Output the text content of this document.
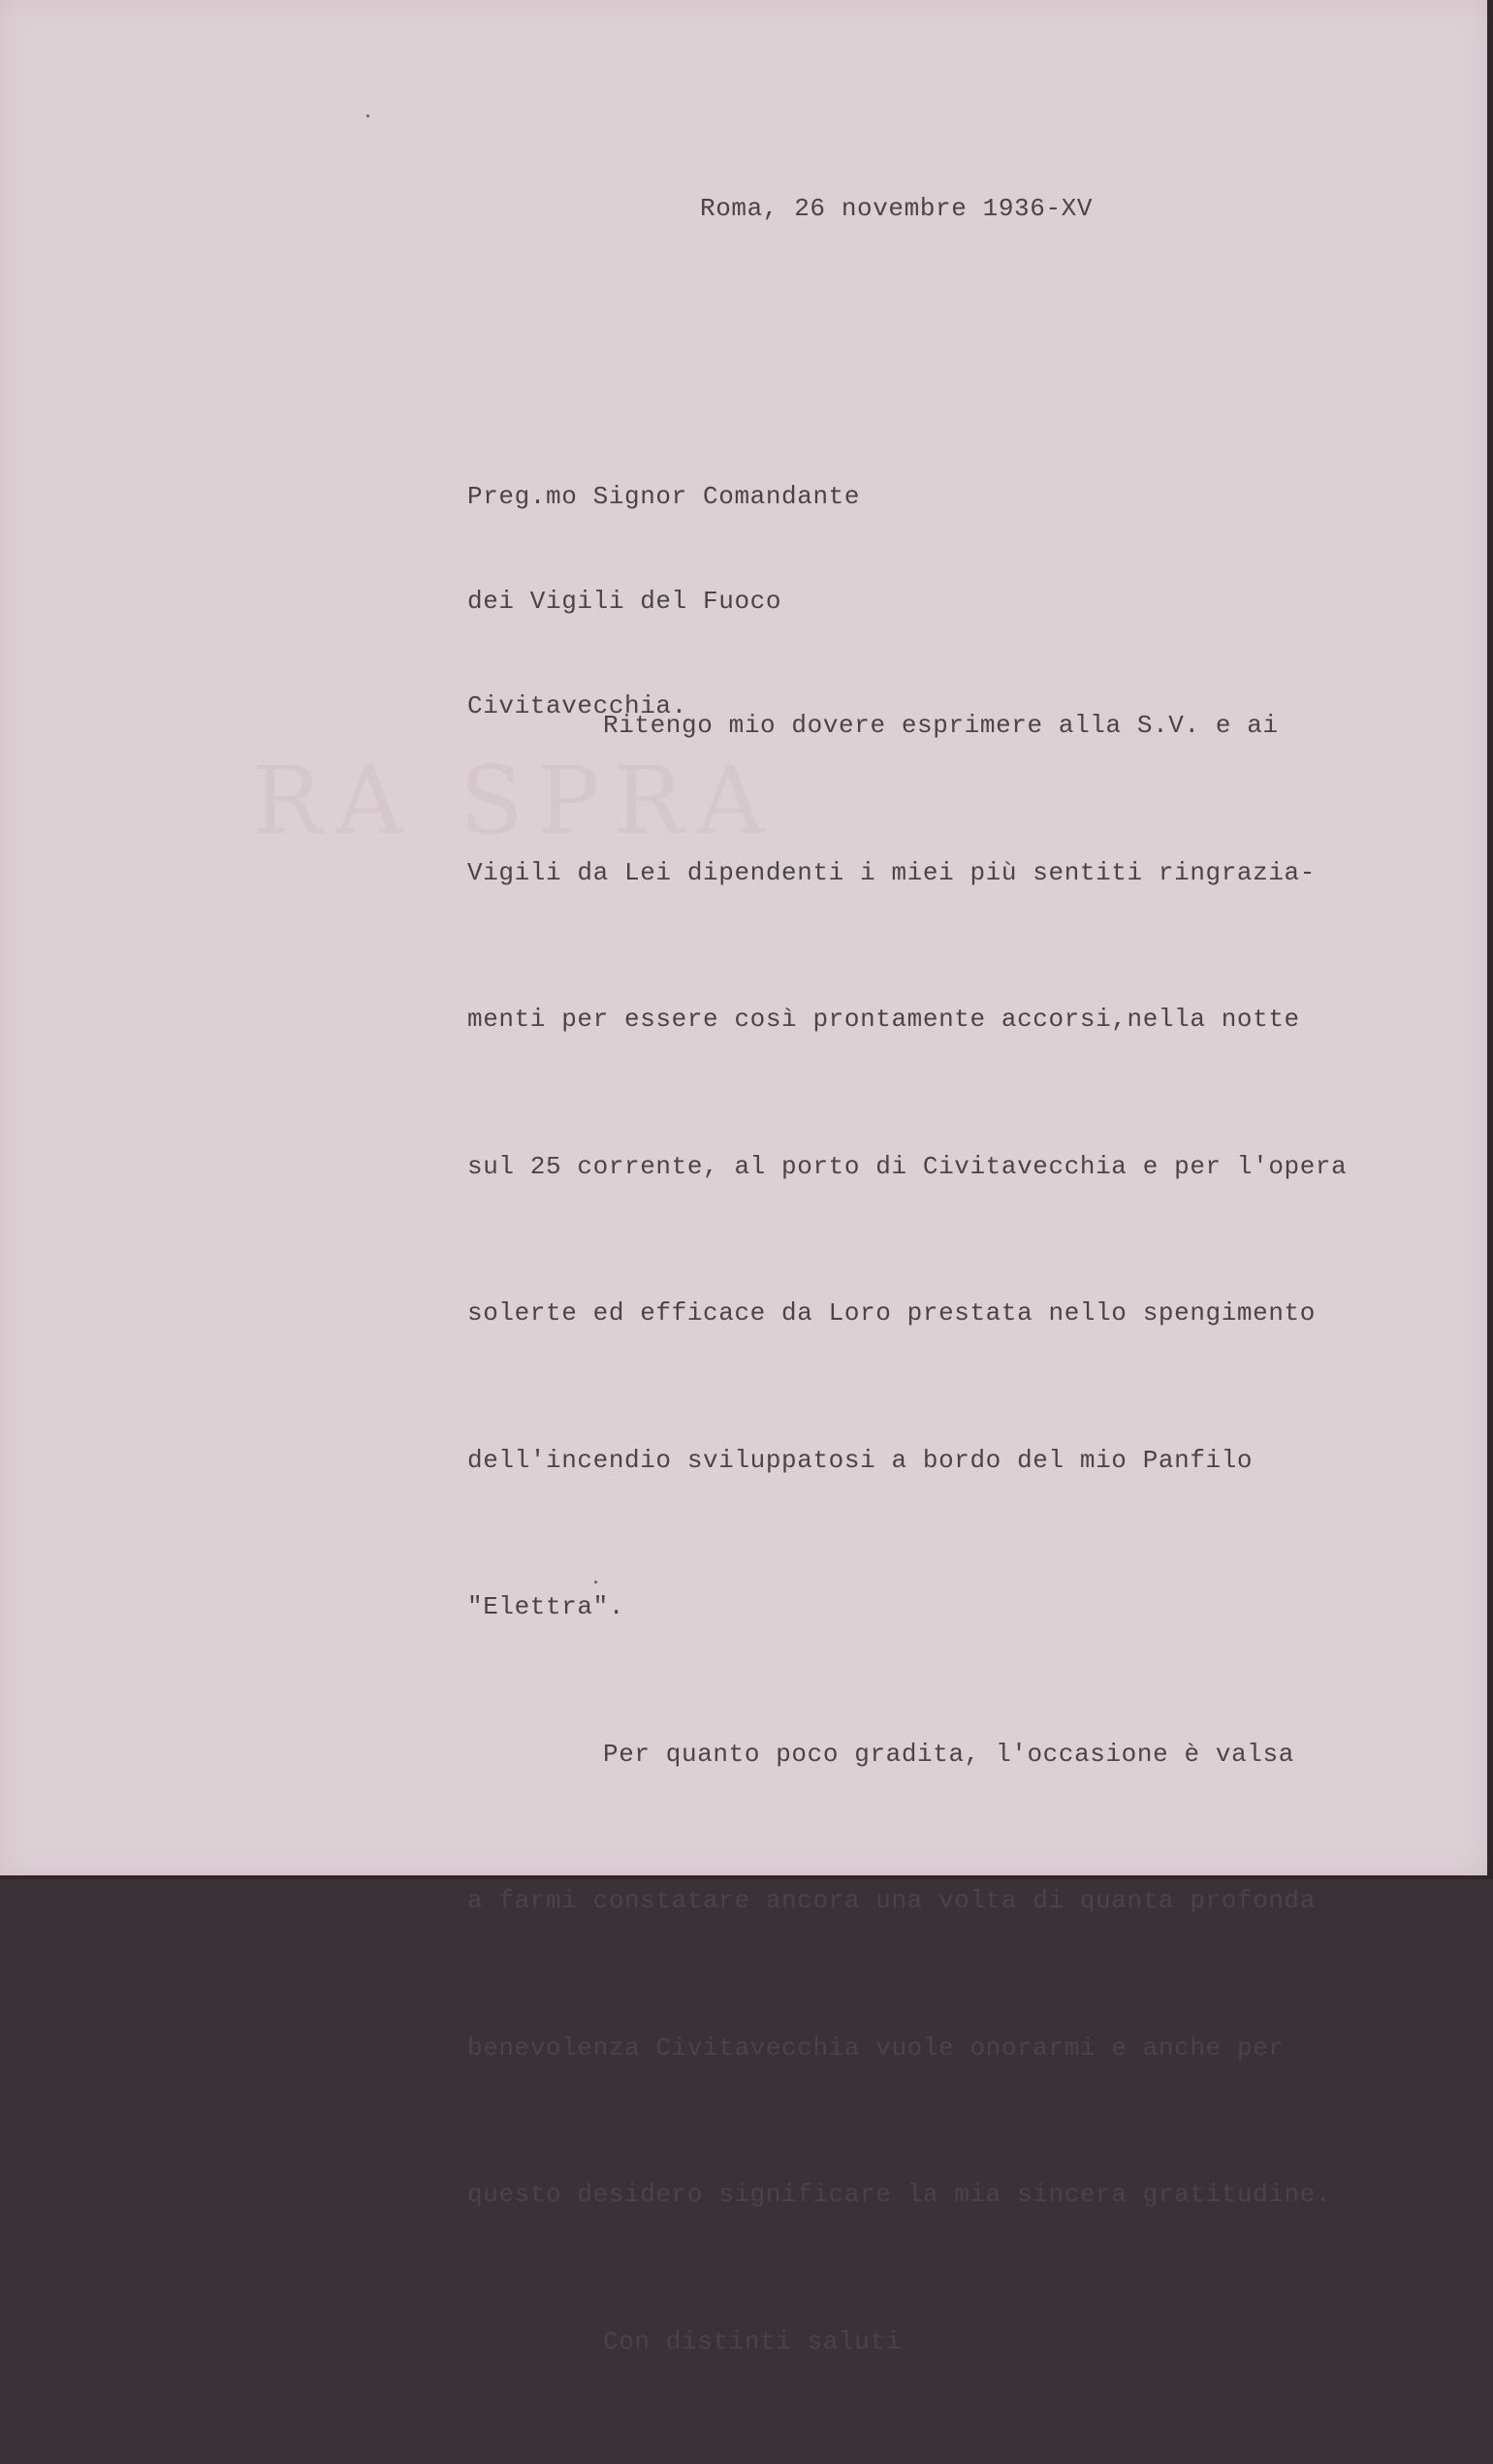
RA SPRA

Roma, 26 novembre 1936-XV

Preg.mo Signor Comandante

dei Vigili del Fuoco

Civitavecchia.

Ritengo mio dovere esprimere alla S.V. e ai

Vigili da Lei dipendenti i miei più sentiti ringrazia-

menti per essere così prontamente accorsi,nella notte

sul 25 corrente, al porto di Civitavecchia e per l'opera

solerte ed efficace da Loro prestata nello spengimento

dell'incendio sviluppatosi a bordo del mio Panfilo

"Elettra".

Per quanto poco gradita, l'occasione è valsa

a farmi constatare ancora una volta di quanta profonda

benevolenza Civitavecchia vuole onorarmi e anche per

questo desidero significare la mia sincera gratitudine.

Con distinti saluti
